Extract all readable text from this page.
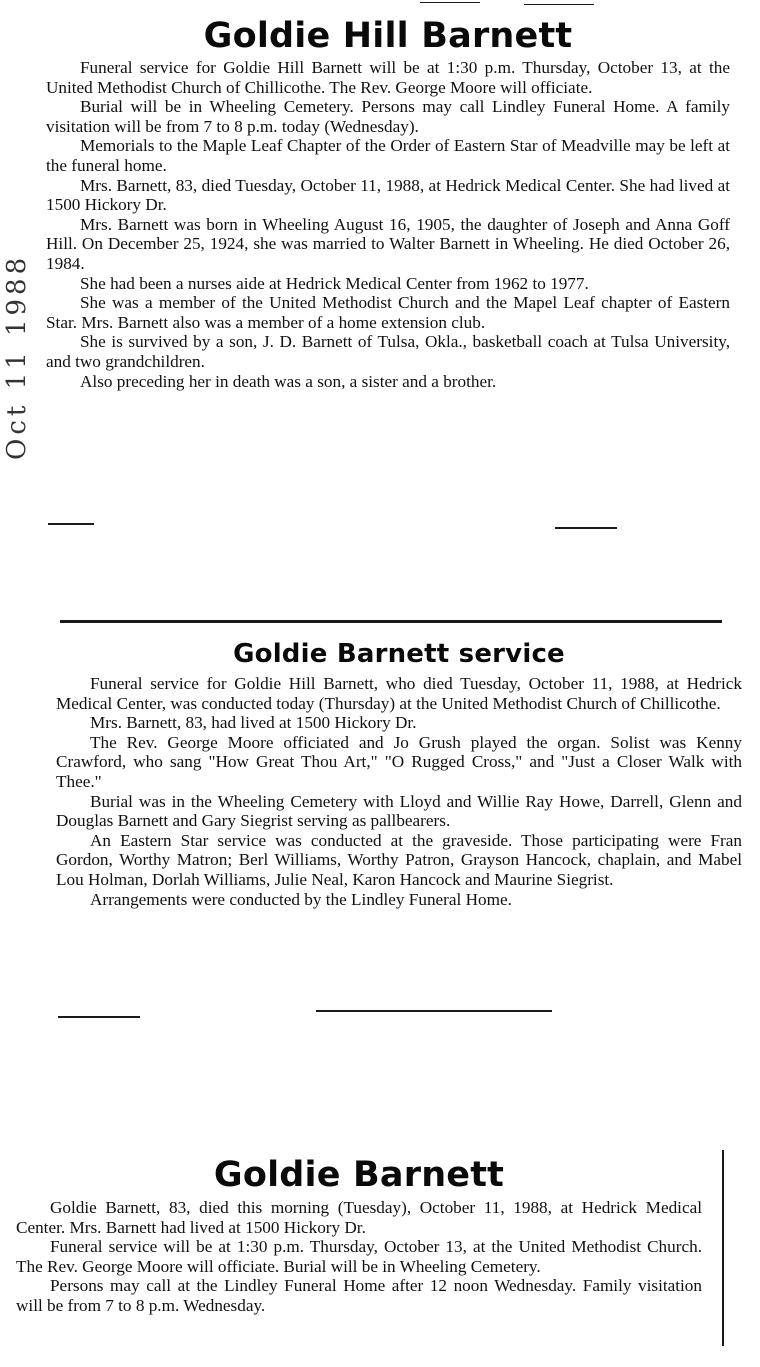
Oct 11 1988
Goldie Hill Barnett

Funeral service for Goldie Hill Barnett will be at 1:30 p.m. Thursday, October 13, at the United Methodist Church of Chillicothe. The Rev. George Moore will officiate.

Burial will be in Wheeling Cemetery. Persons may call Lindley Funeral Home. A family visitation will be from 7 to 8 p.m. today (Wednesday).

Memorials to the Maple Leaf Chapter of the Order of Eastern Star of Meadville may be left at the funeral home.

Mrs. Barnett, 83, died Tuesday, October 11, 1988, at Hedrick Medical Center. She had lived at 1500 Hickory Dr.

Mrs. Barnett was born in Wheeling August 16, 1905, the daughter of Joseph and Anna Goff Hill. On December 25, 1924, she was married to Walter Barnett in Wheeling. He died October 26, 1984.

She had been a nurses aide at Hedrick Medical Center from 1962 to 1977.

She was a member of the United Methodist Church and the Mapel Leaf chapter of Eastern Star. Mrs. Barnett also was a member of a home extension club.

She is survived by a son, J. D. Barnett of Tulsa, Okla., basketball coach at Tulsa University, and two grandchildren.

Also preceding her in death was a son, a sister and a brother.

Goldie Barnett service

Funeral service for Goldie Hill Barnett, who died Tuesday, October 11, 1988, at Hedrick Medical Center, was conducted today (Thursday) at the United Methodist Church of Chillicothe.

Mrs. Barnett, 83, had lived at 1500 Hickory Dr.

The Rev. George Moore officiated and Jo Grush played the organ. Solist was Kenny Crawford, who sang "How Great Thou Art," "O Rugged Cross," and "Just a Closer Walk with Thee."

Burial was in the Wheeling Cemetery with Lloyd and Willie Ray Howe, Darrell, Glenn and Douglas Barnett and Gary Siegrist serving as pallbearers.

An Eastern Star service was conducted at the graveside. Those participating were Fran Gordon, Worthy Matron; Berl Williams, Worthy Patron, Grayson Hancock, chaplain, and Mabel Lou Holman, Dorlah Williams, Julie Neal, Karon Hancock and Maurine Siegrist.

Arrangements were conducted by the Lindley Funeral Home.

Goldie Barnett

Goldie Barnett, 83, died this morning (Tuesday), October 11, 1988, at Hedrick Medical Center. Mrs. Barnett had lived at 1500 Hickory Dr.

Funeral service will be at 1:30 p.m. Thursday, October 13, at the United Methodist Church. The Rev. George Moore will officiate. Burial will be in Wheeling Cemetery.

Persons may call at the Lindley Funeral Home after 12 noon Wednesday. Family visitation will be from 7 to 8 p.m. Wednesday.
